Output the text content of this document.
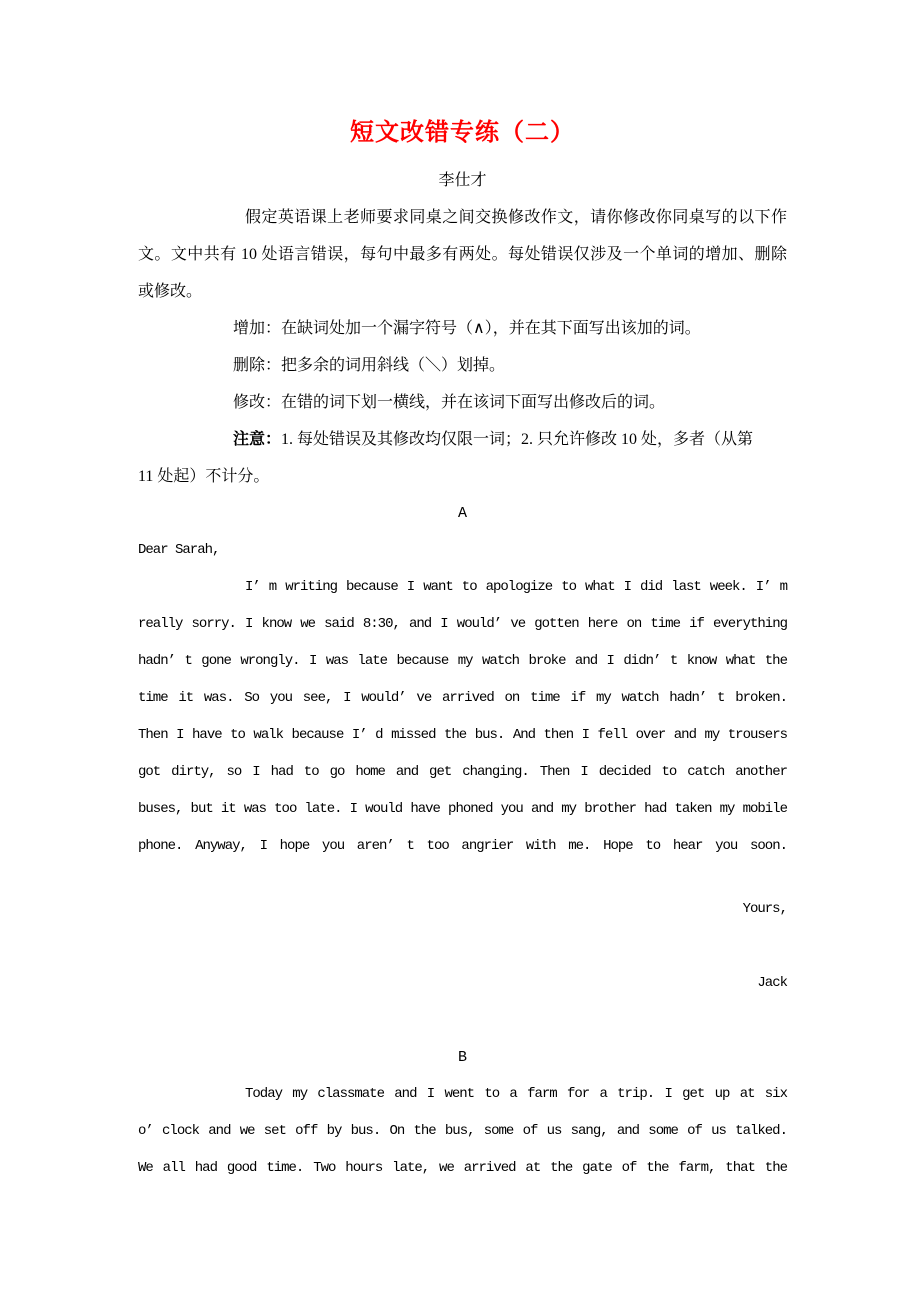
短文改错专练（二）
李仕才
假定英语课上老师要求同桌之间交换修改作文，请你修改你同桌写的以下作
文。文中共有 10 处语言错误，每句中最多有两处。每处错误仅涉及一个单词的增加、删除
或修改。
增加：在缺词处加一个漏字符号（∧），并在其下面写出该加的词。
删除：把多余的词用斜线（＼）划掉。
修改：在错的词下划一横线，并在该词下面写出修改后的词。
注意：1. 每处错误及其修改均仅限一词；2. 只允许修改 10 处，多者（从第
11 处起）不计分。
A
Dear Sarah,
I’ m writing because I want to apologize to what I did last week. I’ m
really sorry. I know we said 8:30, and I would’ ve gotten here on time if everything
hadn’ t gone wrongly. I was late because my watch broke and I didn’ t know what the
time it was. So you see, I would’ ve arrived on time if my watch hadn’ t broken.
Then I have to walk because I’ d missed the bus. And then I fell over and my trousers
got dirty, so I had to go home and get changing. Then I decided to catch another
buses, but it was too late. I would have phoned you and my brother had taken my mobile
phone. Anyway, I hope you aren’ t too angrier with me. Hope to hear you soon.
Yours,
Jack
B
Today my classmate and I went to a farm for a trip. I get up at six
o’ clock and we set off by bus. On the bus, some of us sang, and some of us talked.
We all had good time. Two hours late, we arrived at the gate of the farm, that the
